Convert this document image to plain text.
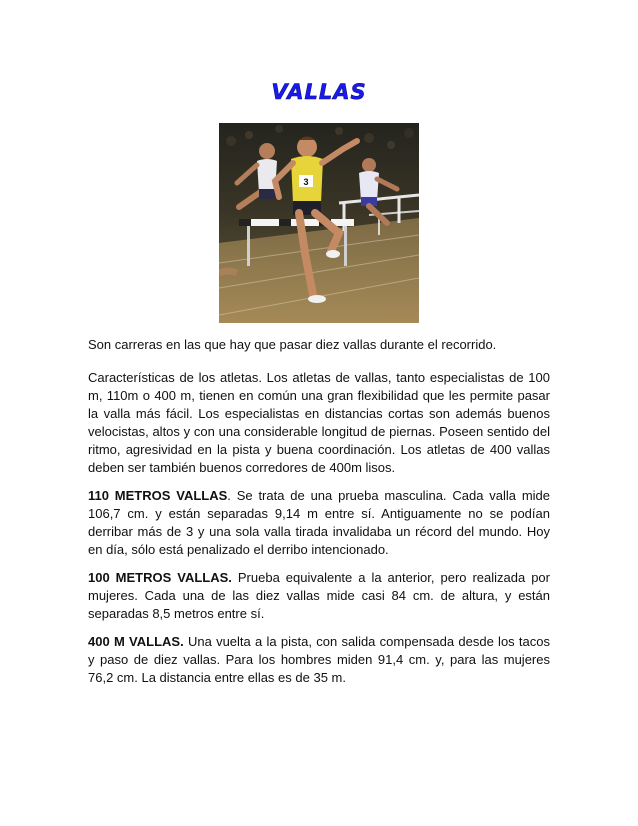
VALLAS
3

Son carreras en las que hay que pasar diez vallas durante el recorrido.

Características de los atletas. Los atletas de vallas, tanto especialistas de 100 m, 110m o 400 m, tienen en común una gran flexibilidad que les permite pasar la valla más fácil. Los especialistas en distancias cortas son además buenos velocistas, altos y con una considerable longitud de piernas. Poseen sentido del ritmo, agresividad en la pista y buena coordinación. Los atletas de 400 vallas deben ser también buenos corredores de 400m lisos.

110 METROS VALLAS. Se trata de una prueba masculina. Cada valla mide 106,7 cm. y están separadas 9,14 m entre sí. Antiguamente no se podían derribar más de 3 y una sola valla tirada invalidaba un récord del mundo. Hoy en día, sólo está penalizado el derribo intencionado.

100 METROS VALLAS. Prueba equivalente a la anterior, pero realizada por mujeres. Cada una de las diez vallas mide casi 84 cm. de altura, y están separadas 8,5 metros entre sí.

400 M VALLAS. Una vuelta a la pista, con salida compensada desde los tacos y paso de diez vallas. Para los hombres miden 91,4 cm. y, para las mujeres 76,2 cm. La distancia entre ellas es de 35 m.
